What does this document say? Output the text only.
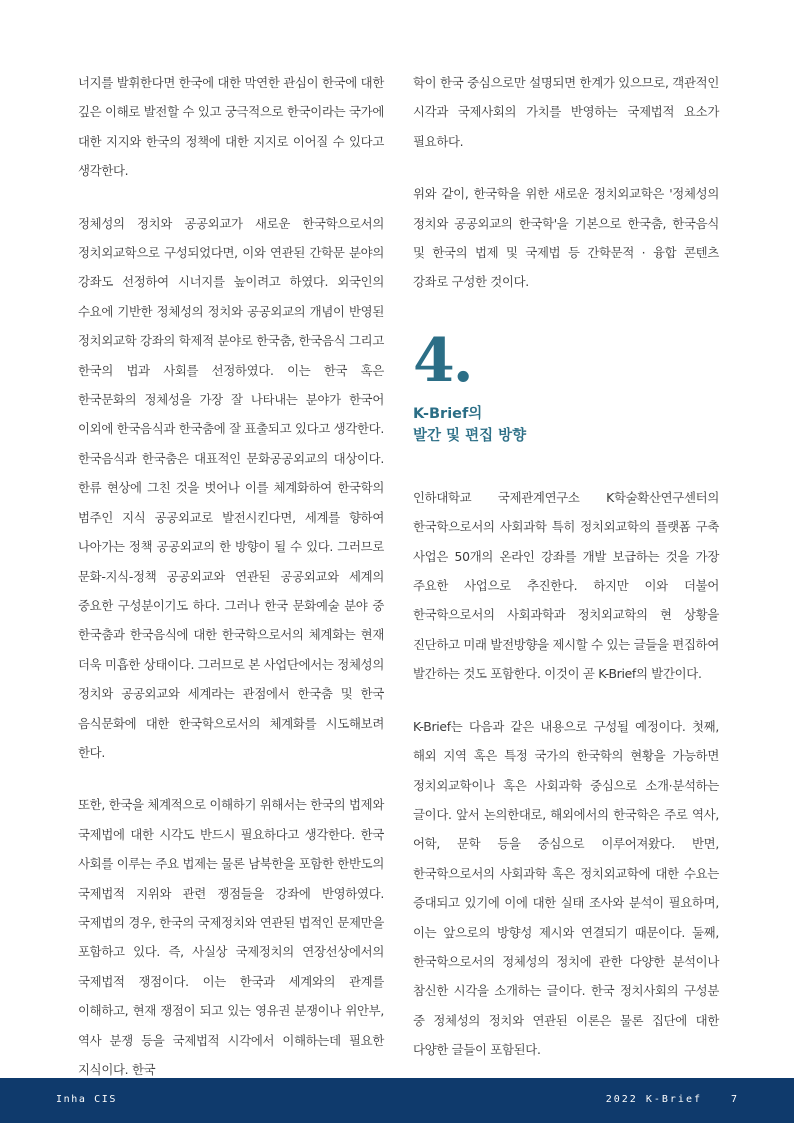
너지를 발휘한다면 한국에 대한 막연한 관심이 한국에 대한 깊은 이해로 발전할 수 있고 궁극적으로 한국이라는 국가에 대한 지지와 한국의 정책에 대한 지지로 이어질 수 있다고 생각한다.

정체성의 정치와 공공외교가 새로운 한국학으로서의 정치외교학으로 구성되었다면, 이와 연관된 간학문 분야의 강좌도 선정하여 시너지를 높이려고 하였다. 외국인의 수요에 기반한 정체성의 정치와 공공외교의 개념이 반영된 정치외교학 강좌의 학제적 분야로 한국춤, 한국음식 그리고 한국의 법과 사회를 선정하였다. 이는 한국 혹은 한국문화의 정체성을 가장 잘 나타내는 분야가 한국어 이외에 한국음식과 한국춤에 잘 표출되고 있다고 생각한다. 한국음식과 한국춤은 대표적인 문화공공외교의 대상이다. 한류 현상에 그친 것을 벗어나 이를 체계화하여 한국학의 범주인 지식 공공외교로 발전시킨다면, 세계를 향하여 나아가는 정책 공공외교의 한 방향이 될 수 있다. 그러므로 문화-지식-정책 공공외교와 연관된 공공외교와 세계의 중요한 구성분이기도 하다. 그러나 한국 문화예술 분야 중 한국춤과 한국음식에 대한 한국학으로서의 체계화는 현재 더욱 미흡한 상태이다. 그러므로 본 사업단에서는 정체성의 정치와 공공외교와 세계라는 관점에서 한국춤 및 한국 음식문화에 대한 한국학으로서의 체계화를 시도해보려 한다.

또한, 한국을 체계적으로 이해하기 위해서는 한국의 법제와 국제법에 대한 시각도 반드시 필요하다고 생각한다. 한국 사회를 이루는 주요 법제는 물론 남북한을 포함한 한반도의 국제법적 지위와 관련 쟁점들을 강좌에 반영하였다. 국제법의 경우, 한국의 국제정치와 연관된 법적인 문제만을 포함하고 있다. 즉, 사실상 국제정치의 연장선상에서의 국제법적 쟁점이다. 이는 한국과 세계와의 관계를 이해하고, 현재 쟁점이 되고 있는 영유권 분쟁이나 위안부, 역사 분쟁 등을 국제법적 시각에서 이해하는데 필요한 지식이다. 한국

학이 한국 중심으로만 설명되면 한계가 있으므로, 객관적인 시각과 국제사회의 가치를 반영하는 국제법적 요소가 필요하다.

위와 같이, 한국학을 위한 새로운 정치외교학은 '정체성의 정치와 공공외교의 한국학'을 기본으로 한국춤, 한국음식 및 한국의 법제 및 국제법 등 간학문적 · 융합 콘텐츠 강좌로 구성한 것이다.

4.
K-Brief의
발간 및 편집 방향

인하대학교 국제관계연구소 K학술확산연구센터의 한국학으로서의 사회과학 특히 정치외교학의 플랫폼 구축 사업은 50개의 온라인 강좌를 개발 보급하는 것을 가장 주요한 사업으로 추진한다. 하지만 이와 더불어 한국학으로서의 사회과학과 정치외교학의 현 상황을 진단하고 미래 발전방향을 제시할 수 있는 글들을 편집하여 발간하는 것도 포함한다. 이것이 곧 K-Brief의 발간이다.

K-Brief는 다음과 같은 내용으로 구성될 예정이다. 첫째, 해외 지역 혹은 특정 국가의 한국학의 현황을 가능하면 정치외교학이나 혹은 사회과학 중심으로 소개·분석하는 글이다. 앞서 논의한대로, 해외에서의 한국학은 주로 역사, 어학, 문학 등을 중심으로 이루어져왔다. 반면, 한국학으로서의 사회과학 혹은 정치외교학에 대한 수요는 증대되고 있기에 이에 대한 실태 조사와 분석이 필요하며, 이는 앞으로의 방향성 제시와 연결되기 때문이다. 둘째, 한국학으로서의 정체성의 정치에 관한 다양한 분석이나 참신한 시각을 소개하는 글이다. 한국 정치사회의 구성분 중 정체성의 정치와 연관된 이론은 물론 집단에 대한 다양한 글들이 포함된다.

Inha CIS	2022 K-Brief	7
